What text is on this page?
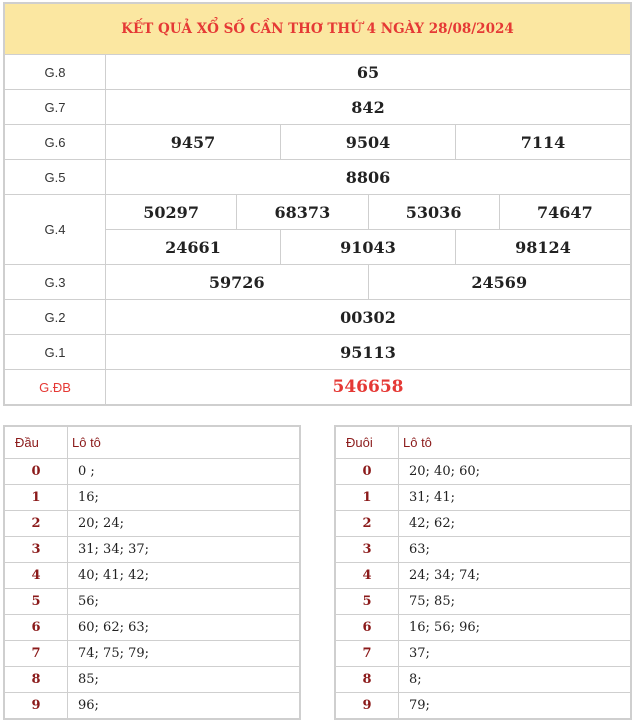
KẾT QUẢ XỔ SỐ CẦN THƠ THỨ 4 NGÀY 28/08/2024
G.8	65
G.7	842
G.6	9457	9504	7114
G.5	8806
G.4
50297	68373	53036	74647
24661	91043	98124
G.3	59726	24569
G.2	00302
G.1	95113
G.ĐB	546658
Đầu	Lô tô
0	0 ;
1	16;
2	20; 24;
3	31; 34; 37;
4	40; 41; 42;
5	56;
6	60; 62; 63;
7	74; 75; 79;
8	85;
9	96;
Đuôi	Lô tô
0	20; 40; 60;
1	31; 41;
2	42; 62;
3	63;
4	24; 34; 74;
5	75; 85;
6	16; 56; 96;
7	37;
8	8;
9	79;
